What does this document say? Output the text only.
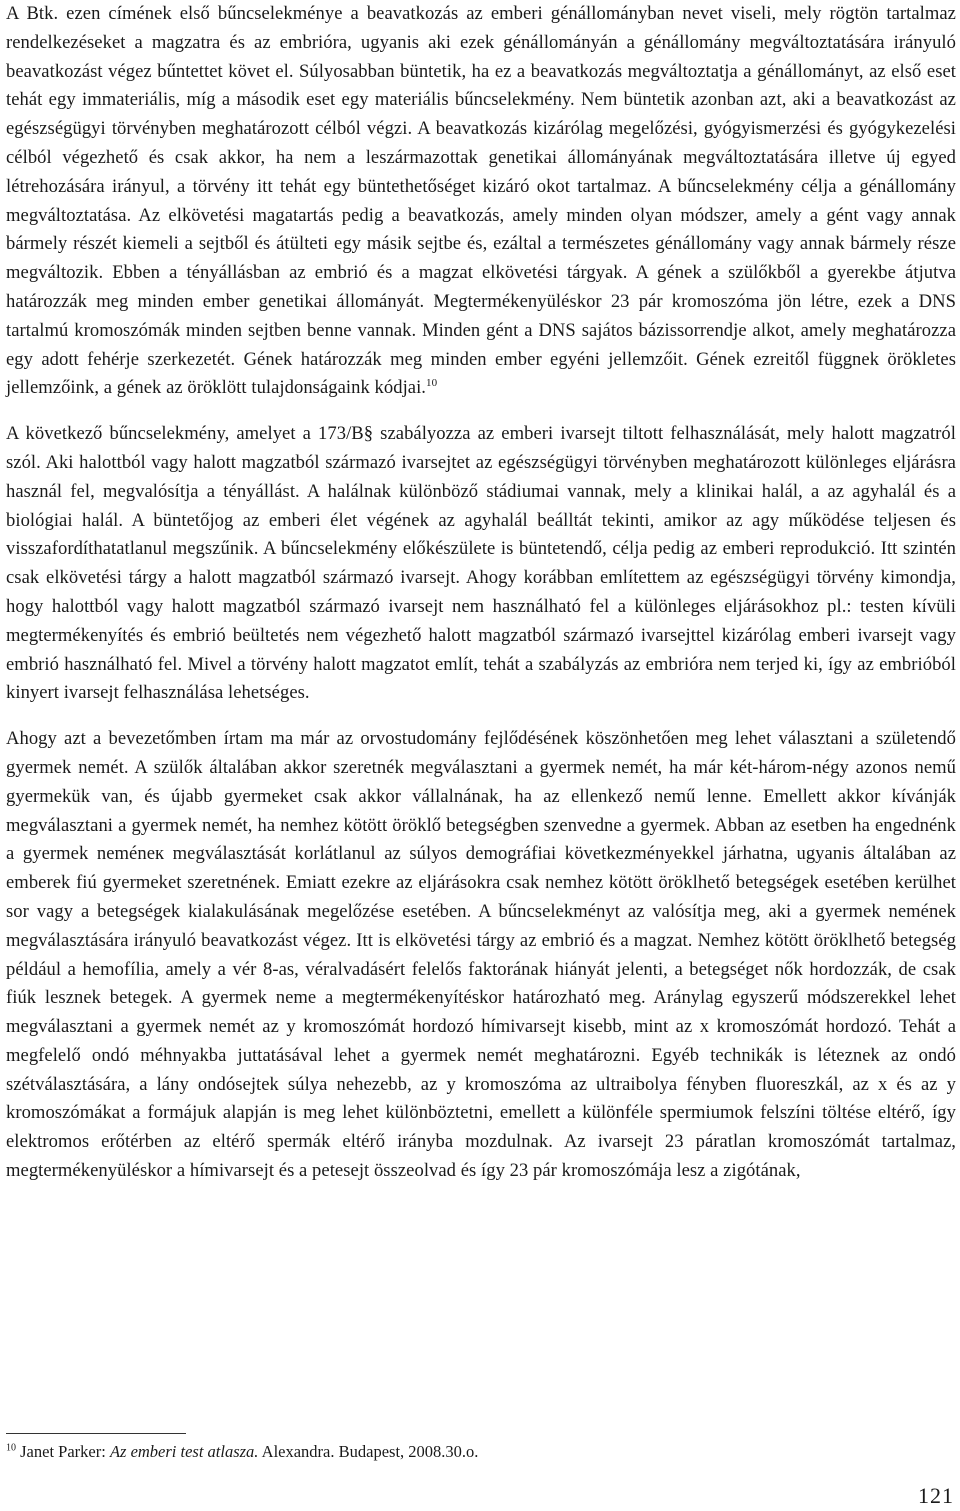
A Btk. ezen címének első bűncselekménye a beavatkozás az emberi génállományban nevet viseli, mely rögtön tartalmaz rendelkezéseket a magzatra és az embrióra, ugyanis aki ezek génállományán a génállomány megváltoztatására irányuló beavatkozást végez bűntettet követ el. Súlyosabban büntetik, ha ez a beavatkozás megváltoztatja a génállományt, az első eset tehát egy immateriális, míg a második eset egy materiális bűncselekmény. Nem büntetik azonban azt, aki a beavatkozást az egészségügyi törvényben meghatározott célból végzi. A beavatkozás kizárólag megelőzési, gyógyismerzési és gyógykezelési célból végezhető és csak akkor, ha nem a leszármazottak genetikai állományának megváltoztatására illetve új egyed létrehozására irányul, a törvény itt tehát egy büntethetőséget kizáró okot tartalmaz. A bűncselekmény célja a génállomány megváltoztatása. Az elkövetési magatartás pedig a beavatkozás, amely minden olyan módszer, amely a gént vagy annak bármely részét kiemeli a sejtből és átülteti egy másik sejtbe és, ezáltal a természetes génállomány vagy annak bármely része megváltozik. Ebben a tényállásban az embrió és a magzat elkövetési tárgyak. A gének a szülőkből a gyerekbe átjutva határozzák meg minden ember genetikai állományát. Megtermékenyüléskor 23 pár kromoszóma jön létre, ezek a DNS tartalmú kromoszómák minden sejtben benne vannak. Minden gént a DNS sajátos bázissorrendje alkot, amely meghatározza egy adott fehérje szerkezetét. Gének határozzák meg minden ember egyéni jellemzőit. Gének ezreitől függnek örökletes jellemzőink, a gének az öröklött tulajdonságaink kódjai.$^{10}$

A következő bűncselekmény, amelyet a 173/B§ szabályozza az emberi ivarsejt tiltott felhasználását, mely halott magzatról szól. Aki halottból vagy halott magzatból származó ivarsejtet az egészségügyi törvényben meghatározott különleges eljárásra használ fel, megvalósítja a tényállást. A halálnak különböző stádiumai vannak, mely a klinikai halál, a az agyhalál és a biológiai halál. A büntetőjog az emberi élet végének az agyhalál beálltát tekinti, amikor az agy működése teljesen és visszafordíthatatlanul megszűnik. A bűncselekmény előkészülete is büntetendő, célja pedig az emberi reprodukció. Itt szintén csak elkövetési tárgy a halott magzatból származó ivarsejt. Ahogy korábban említettem az egészségügyi törvény kimondja, hogy halottból vagy halott magzatból származó ivarsejt nem használható fel a különleges eljárásokhoz pl.: testen kívüli megtermékenyítés és embrió beültetés nem végezhető halott magzatból származó ivarsejttel kizárólag emberi ivarsejt vagy embrió használható fel. Mivel a törvény halott magzatot említ, tehát a szabályzás az embrióra nem terjed ki, így az embrióból kinyert ivarsejt felhasználása lehetséges.

Ahogy azt a bevezetőmben írtam ma már az orvostudomány fejlődésének köszönhetően meg lehet választani a születendő gyermek nemét. A szülők általában akkor szeretnék megválasztani a gyermek nemét, ha már két-három-négy azonos nemű gyermekük van, és újabb gyermeket csak akkor vállalnának, ha az ellenkező nemű lenne. Emellett akkor kívánják megválasztani a gyermek nemét, ha nemhez kötött öröklő betegségben szenvedne a gyermek. Abban az esetben ha engednénk a gyermek neméneк megválasztását korlátlanul az súlyos demográfiai következményekkel járhatna, ugyanis általában az emberek fiú gyermeket szeretnének. Emiatt ezekre az eljárásokra csak nemhez kötött öröklhető betegségek esetében kerülhet sor vagy a betegségek kialakulásának megelőzése esetében. A bűncselekményt az valósítja meg, aki a gyermek nemének megválasztására irányuló beavatkozást végez. Itt is elkövetési tárgy az embrió és a magzat. Nemhez kötött öröklhető betegség például a hemofília, amely a vér 8-as, véralvadásért felelős faktorának hiányát jelenti, a betegséget nők hordozzák, de csak fiúk lesznek betegek. A gyermek neme a megtermékenyítéskor határozható meg. Aránylag egyszerű módszerekkel lehet megválasztani a gyermek nemét az y kromoszómát hordozó hímivarsejt kisebb, mint az x kromoszómát hordozó. Tehát a megfelelő ondó méhnyakba juttatásával lehet a gyermek nemét meghatározni. Egyéb technikák is léteznek az ondó szétválasztására, a lány ondósejtek súlya nehezebb, az y kromoszóma az ultraibolya fényben fluoreszkál, az x és az y kromoszómákat a formájuk alapján is meg lehet különböztetni, emellett a különféle spermiumok felszíni töltése eltérő, így elektromos erőtérben az eltérő spermák eltérő irányba mozdulnak. Az ivarsejt 23 páratlan kromoszómát tartalmaz, megtermékenyüléskor a hímivarsejt és a petesejt összeolvad és így 23 pár kromoszómája lesz a zigótának,

$^{10}$ Janet Parker: Az emberi test atlasza. Alexandra. Budapest, 2008.30.o.
121
